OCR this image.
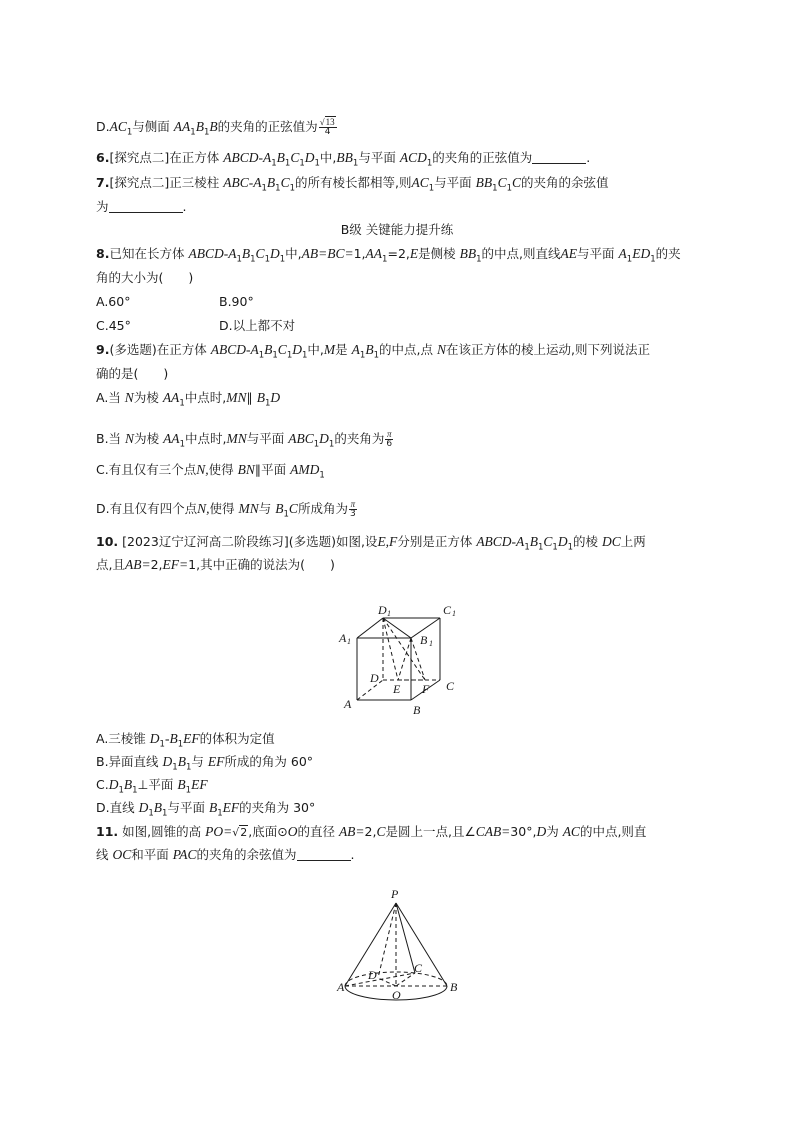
$D.AC_1$与侧面 $AA_1B_1B$的夹角的正弦值为 $\frac{√13}{4}$
6.[探究点二]在正方体 ABCD-$A_1B_1C_1D_1$中$,BB_1$与平面 $ACD_1$的夹角的正弦值为	.
7.[探究点二]正三棱柱 ABC-$A_1B_1C_1$的所有棱长都相等,则$AC_1$与平面 $BB_1C_1C$的夹角的余弦值
为	.
B级 关键能力提升练
8.已知在长方体 ABCD-$A_1B_1C_1D_1$中$,AB=BC=1,AA_1=2,E$是侧棱 $BB_1$的中点,则直线AE与平面 $A_1ED_1$的夹
角的大小为(　　)
A.60°	B.90°
C.45°	D.以上都不对
9.(多选题)在正方体 ABCD-$A_1B_1C_1D_1$中,M是 $A_1B_1$的中点,点 N在该正方体的棱上运动,则下列说法正
确的是(　　)
A.当 N为棱 $AA_1$中点时,MN∥ $B_1D$
B.当 N为棱 $AA_1$中点时,MN与平面 $ABC_1D_1$的夹角为 $\frac{\pi}{6}$
C.有且仅有三个点N,使得 BN∥平面 $AMD_1$
D.有且仅有四个点N,使得 MN与 $B_1C$所成角为 $\frac{\pi}{3}$
10. [2023辽宁辽河高二阶段练习](多选题)如图,设E,F分别是正方体 ABCD-$A_1B_1C_1D_1$的棱 DC上两
点,且AB=2,EF=1,其中正确的说法为(　　)
D 1	C 1
A 1	B 1
D
E F C
A	B
A.三棱锥 $D_1-B_1EF$的体积为定值
B.异面直线 $D_1B_1$与 EF所成的角为 60°
$C.D_1B_1\perp$平面 $B_1EF$
D.直线 $D_1B_1$与平面 $B_1EF$的夹角为 30°
11. 如图,圆锥的高 PO=√2,底面⊙O的直径 AB=2,C是圆上一点,且∠CAB=30°,D为 AC的中点,则直
线 OC和平面 PAC的夹角的余弦值为	.
P
D	C
A
O
B
